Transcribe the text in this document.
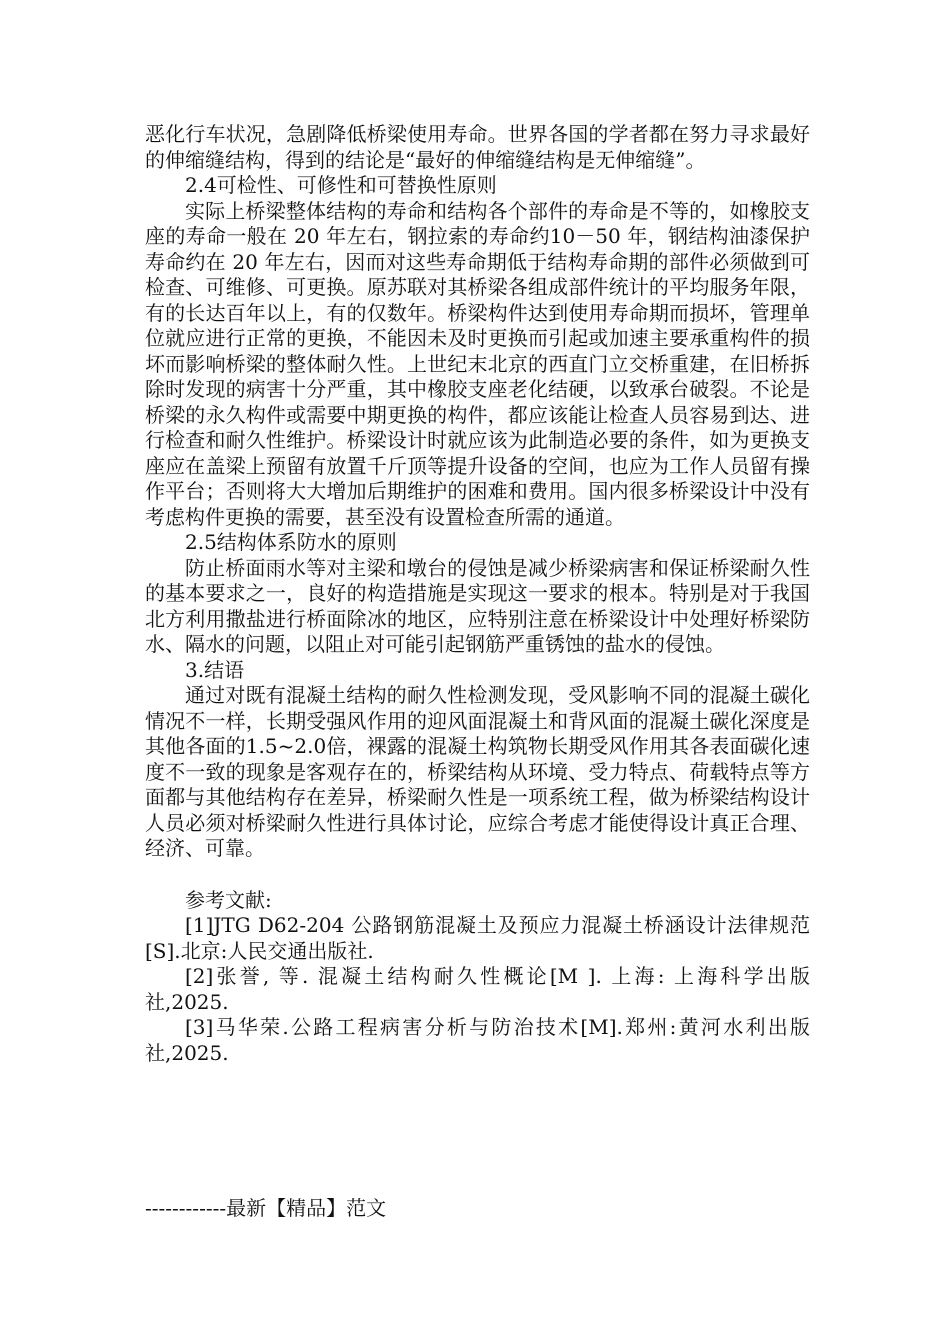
恶化行车状况，急剧降低桥梁使用寿命。世界各国的学者都在努力寻求最好的伸缩缝结构，得到的结论是“最好的伸缩缝结构是无伸缩缝”。

2.4可检性、可修性和可替换性原则

实际上桥梁整体结构的寿命和结构各个部件的寿命是不等的，如橡胶支座的寿命一般在 20 年左右，钢拉索的寿命约10－50 年，钢结构油漆保护寿命约在 20 年左右，因而对这些寿命期低于结构寿命期的部件必须做到可检查、可维修、可更换。原苏联对其桥梁各组成部件统计的平均服务年限，有的长达百年以上，有的仅数年。桥梁构件达到使用寿命期而损坏，管理单位就应进行正常的更换，不能因未及时更换而引起或加速主要承重构件的损坏而影响桥梁的整体耐久性。上世纪末北京的西直门立交桥重建，在旧桥拆除时发现的病害十分严重，其中橡胶支座老化结硬，以致承台破裂。不论是桥梁的永久构件或需要中期更换的构件，都应该能让检查人员容易到达、进行检查和耐久性维护。桥梁设计时就应该为此制造必要的条件，如为更换支座应在盖梁上预留有放置千斤顶等提升设备的空间，也应为工作人员留有操作平台；否则将大大增加后期维护的困难和费用。国内很多桥梁设计中没有考虑构件更换的需要，甚至没有设置检查所需的通道。

2.5结构体系防水的原则

防止桥面雨水等对主梁和墩台的侵蚀是减少桥梁病害和保证桥梁耐久性的基本要求之一，良好的构造措施是实现这一要求的根本。特别是对于我国北方利用撒盐进行桥面除冰的地区，应特别注意在桥梁设计中处理好桥梁防水、隔水的问题，以阻止对可能引起钢筋严重锈蚀的盐水的侵蚀。

3.结语

通过对既有混凝土结构的耐久性检测发现，受风影响不同的混凝土碳化情况不一样，长期受强风作用的迎风面混凝土和背风面的混凝土碳化深度是其他各面的1.5~2.0倍，裸露的混凝土构筑物长期受风作用其各表面碳化速度不一致的现象是客观存在的，桥梁结构从环境、受力特点、荷载特点等方面都与其他结构存在差异，桥梁耐久性是一项系统工程，做为桥梁结构设计人员必须对桥梁耐久性进行具体讨论，应综合考虑才能使得设计真正合理、经济、可靠。

参考文献:

[1]JTG D62-204 公路钢筋混凝土及预应力混凝土桥涵设计法律规范[S].北京:人民交通出版社.

[2]张誉, 等. 混凝土结构耐久性概论[M ]. 上海: 上海科学出版社,2025.

[3]马华荣.公路工程病害分析与防治技术[M].郑州:黄河水利出版社,2025.

------------最新【精品】范文
